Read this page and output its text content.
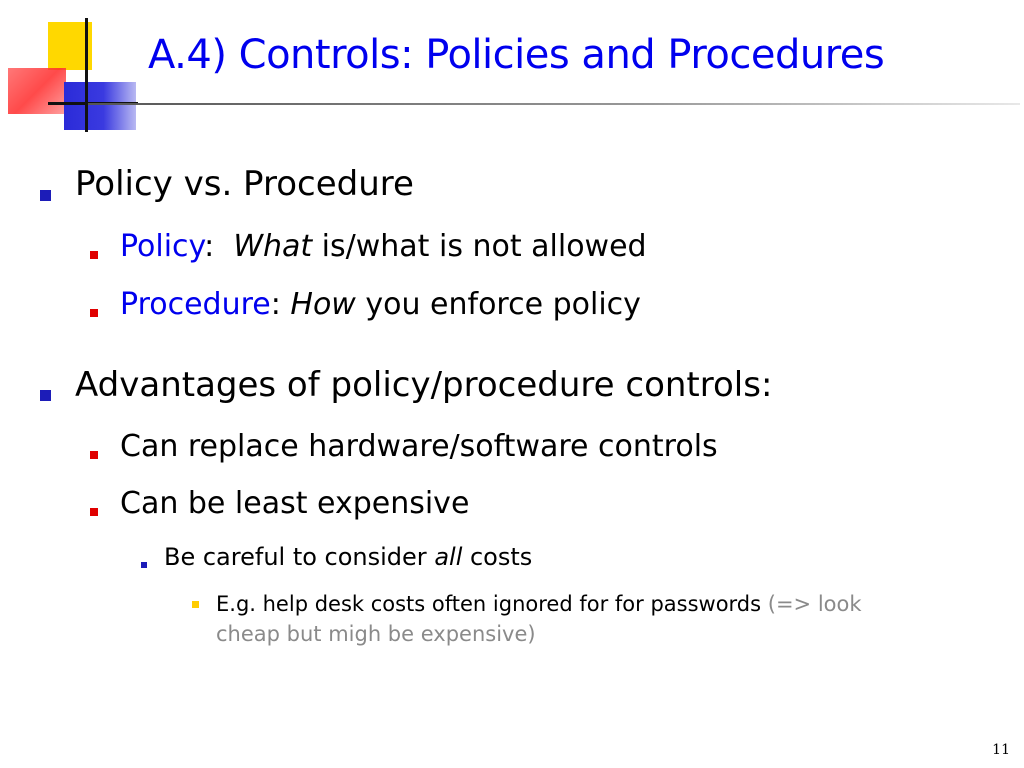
A.4) Controls: Policies and Procedures
Policy vs. Procedure
Policy: What is/what is not allowed
Procedure: How you enforce policy
Advantages of policy/procedure controls:
Can replace hardware/software controls
Can be least expensive
Be careful to consider all costs
E.g. help desk costs often ignored for for passwords (=> look
cheap but migh be expensive)
11
